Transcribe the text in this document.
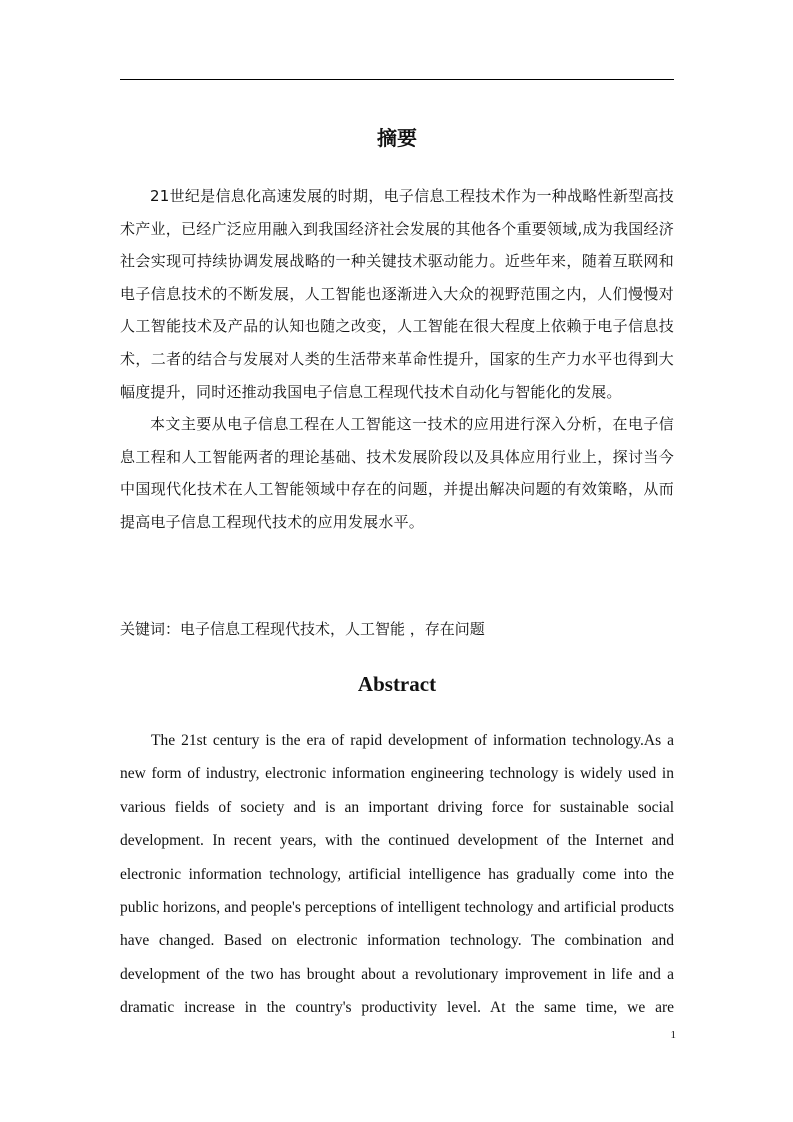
摘要

21世纪是信息化高速发展的时期，电子信息工程技术作为一种战略性新型高技术产业，已经广泛应用融入到我国经济社会发展的其他各个重要领域,成为我国经济社会实现可持续协调发展战略的一种关键技术驱动能力。近些年来，随着互联网和电子信息技术的不断发展，人工智能也逐渐进入大众的视野范围之内，人们慢慢对人工智能技术及产品的认知也随之改变，人工智能在很大程度上依赖于电子信息技术，二者的结合与发展对人类的生活带来革命性提升，国家的生产力水平也得到大幅度提升，同时还推动我国电子信息工程现代技术自动化与智能化的发展。

本文主要从电子信息工程在人工智能这一技术的应用进行深入分析，在电子信息工程和人工智能两者的理论基础、技术发展阶段以及具体应用行业上，探讨当今中国现代化技术在人工智能领域中存在的问题，并提出解决问题的有效策略，从而提高电子信息工程现代技术的应用发展水平。

关键词：电子信息工程现代技术，人工智能 ，存在问题

Abstract

The 21st century is the era of rapid development of information technology.As a new form of industry, electronic information engineering technology is widely used in various fields of society and is an important driving force for sustainable social development. In recent years, with the continued development of the Internet and electronic information technology, artificial intelligence has gradually come into the public horizons, and people's perceptions of intelligent technology and artificial products have changed. Based on electronic information technology. The combination and development of the two has brought about a revolutionary improvement in life and a dramatic increase in the country's productivity level. At the same time, we are

1
